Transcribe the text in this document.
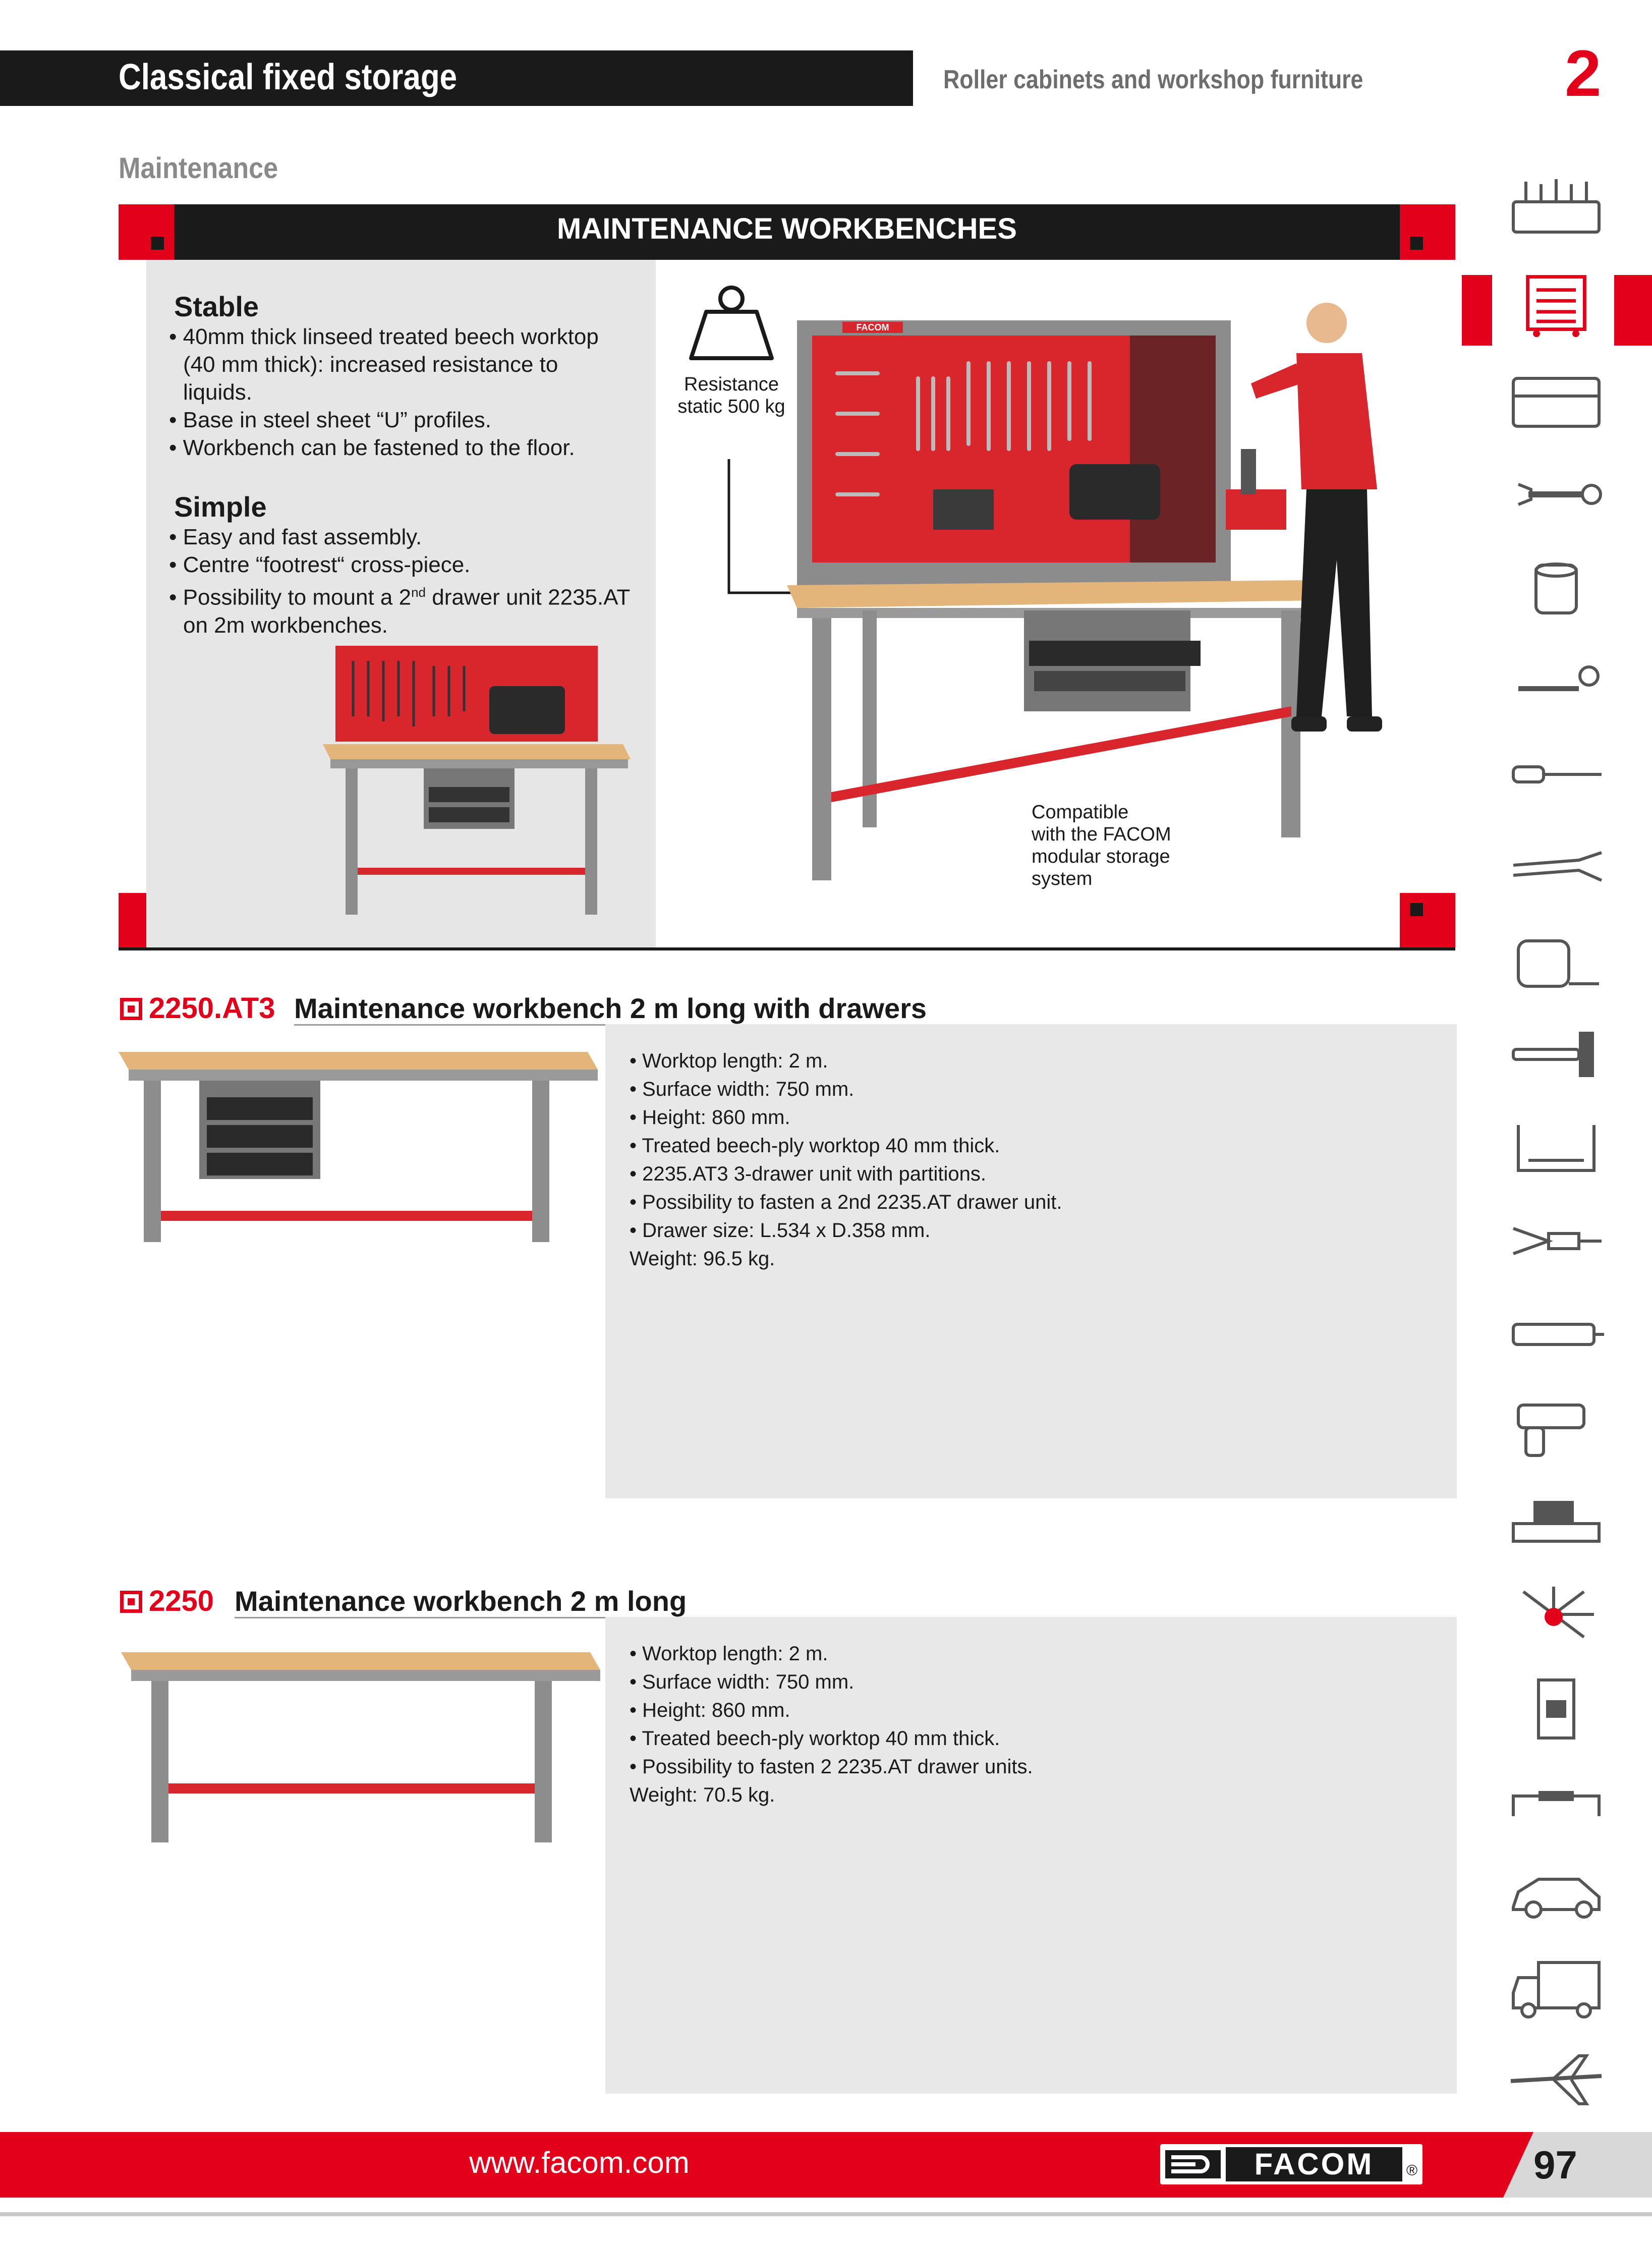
Classical fixed storage	Roller cabinets and workshop furniture	2
Maintenance
MAINTENANCE WORKBENCHES
Stable
• 40mm thick linseed treated beech worktop (40 mm thick): increased resistance to liquids.
• Base in steel sheet “U” profiles.
• Workbench can be fastened to the floor.
Simple
• Easy and fast assembly.
• Centre “footrest“ cross-piece.
• Possibility to mount a 2nd drawer unit 2235.AT on 2m workbenches.
Resistance
static 500 kg
FACOM
Compatible
with the FACOM
modular storage
system
2250.AT3 Maintenance workbench 2 m long with drawers
• Worktop length: 2 m.
• Surface width: 750 mm.
• Height: 860 mm.
• Treated beech-ply worktop 40 mm thick.
• 2235.AT3 3-drawer unit with partitions.
• Possibility to fasten a 2nd 2235.AT drawer unit.
• Drawer size: L.534 x D.358 mm.
Weight: 96.5 kg.
2250 Maintenance workbench 2 m long
• Worktop length: 2 m.
• Surface width: 750 mm.
• Height: 860 mm.
• Treated beech-ply worktop 40 mm thick.
• Possibility to fasten 2 2235.AT drawer units.
Weight: 70.5 kg.
www.facom.com	FACOM	®	97
